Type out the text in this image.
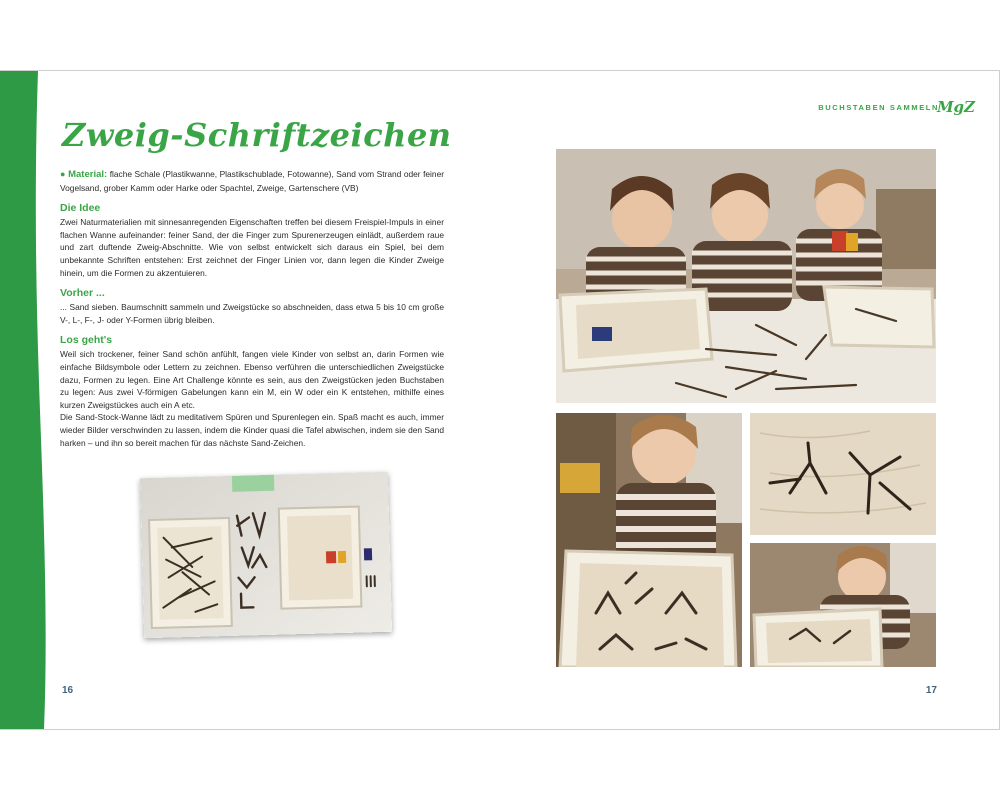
Zweig-Schriftzeichen

● Material: flache Schale (Plastikwanne, Plastikschublade, Fotowanne), Sand vom Strand oder feiner Vogelsand, grober Kamm oder Harke oder Spachtel, Zweige, Gartenschere (VB)

Die Idee

Zwei Naturmaterialien mit sinnesanregenden Eigenschaften treffen bei diesem Freispiel-Impuls in einer flachen Wanne aufeinander: feiner Sand, der die Finger zum Spurenerzeugen einlädt, außerdem raue und zart duftende Zweig-Abschnitte. Wie von selbst entwickelt sich daraus ein Spiel, bei dem unbekannte Schriften entstehen: Erst zeichnet der Finger Linien vor, dann legen die Kinder Zweige hinein, um die Formen zu akzentuieren.

Vorher ...

... Sand sieben. Baumschnitt sammeln und Zweigstücke so abschneiden, dass etwa 5 bis 10 cm große V-, L-, F-, J- oder Y-Formen übrig bleiben.

Los geht's

Weil sich trockener, feiner Sand schön anfühlt, fangen viele Kinder von selbst an, darin Formen wie einfache Bildsymbole oder Lettern zu zeichnen. Ebenso verführen die unterschiedlichen Zweigstücke dazu, Formen zu legen. Eine Art Challenge könnte es sein, aus den Zweigstücken jeden Buchstaben zu legen: Aus zwei V-förmigen Gabelungen kann ein M, ein W oder ein K entstehen, mithilfe eines kurzen Zweigstückes auch ein A etc.

Die Sand-Stock-Wanne lädt zu meditativem Spüren und Spurenlegen ein. Spaß macht es auch, immer wieder Bilder verschwinden zu lassen, indem die Kinder quasi die Tafel abwischen, indem sie den Sand harken – und ihn so bereit machen für das nächste Sand-Zeichen.

16
BUCHSTABEN SAMMELN
MgZ
17
